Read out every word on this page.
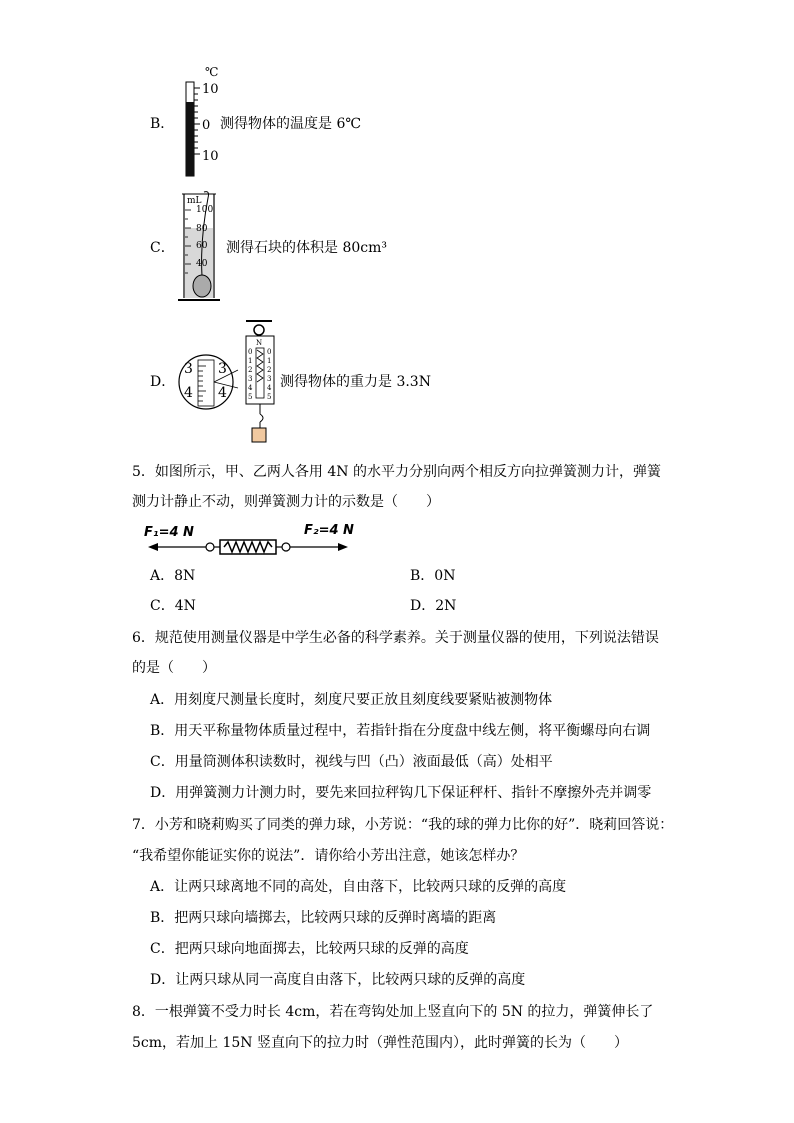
B．
℃
10
0
10
测得物体的温度是 6℃
C．
mL
100
80
60
40
测得石块的体积是 80cm³
D．
N
0
1
2
3
4
5
0
1
2
3
4
5
3
4
3
4
测得物体的重力是 3.3N
5．如图所示，甲、乙两人各用 4N 的水平力分别向两个相反方向拉弹簧测力计，弹簧
测力计静止不动，则弹簧测力计的示数是（　　）
F₁=4 N	F₂=4 N
A．8N	B．0N
C．4N	D．2N
6．规范使用测量仪器是中学生必备的科学素养。关于测量仪器的使用，下列说法错误
的是（　　）
A．用刻度尺测量长度时，刻度尺要正放且刻度线要紧贴被测物体
B．用天平称量物体质量过程中，若指针指在分度盘中线左侧，将平衡螺母向右调
C．用量筒测体积读数时，视线与凹（凸）液面最低（高）处相平
D．用弹簧测力计测力时，要先来回拉秤钩几下保证秤杆、指针不摩擦外壳并调零
7．小芳和晓莉购买了同类的弹力球，小芳说：“我的球的弹力比你的好”．晓莉回答说：
“我希望你能证实你的说法”．请你给小芳出注意，她该怎样办？
A．让两只球离地不同的高处，自由落下，比较两只球的反弹的高度
B．把两只球向墙掷去，比较两只球的反弹时离墙的距离
C．把两只球向地面掷去，比较两只球的反弹的高度
D．让两只球从同一高度自由落下，比较两只球的反弹的高度
8．一根弹簧不受力时长 4cm，若在弯钩处加上竖直向下的 5N 的拉力，弹簧伸长了
5cm，若加上 15N 竖直向下的拉力时（弹性范围内），此时弹簧的长为（　　）
